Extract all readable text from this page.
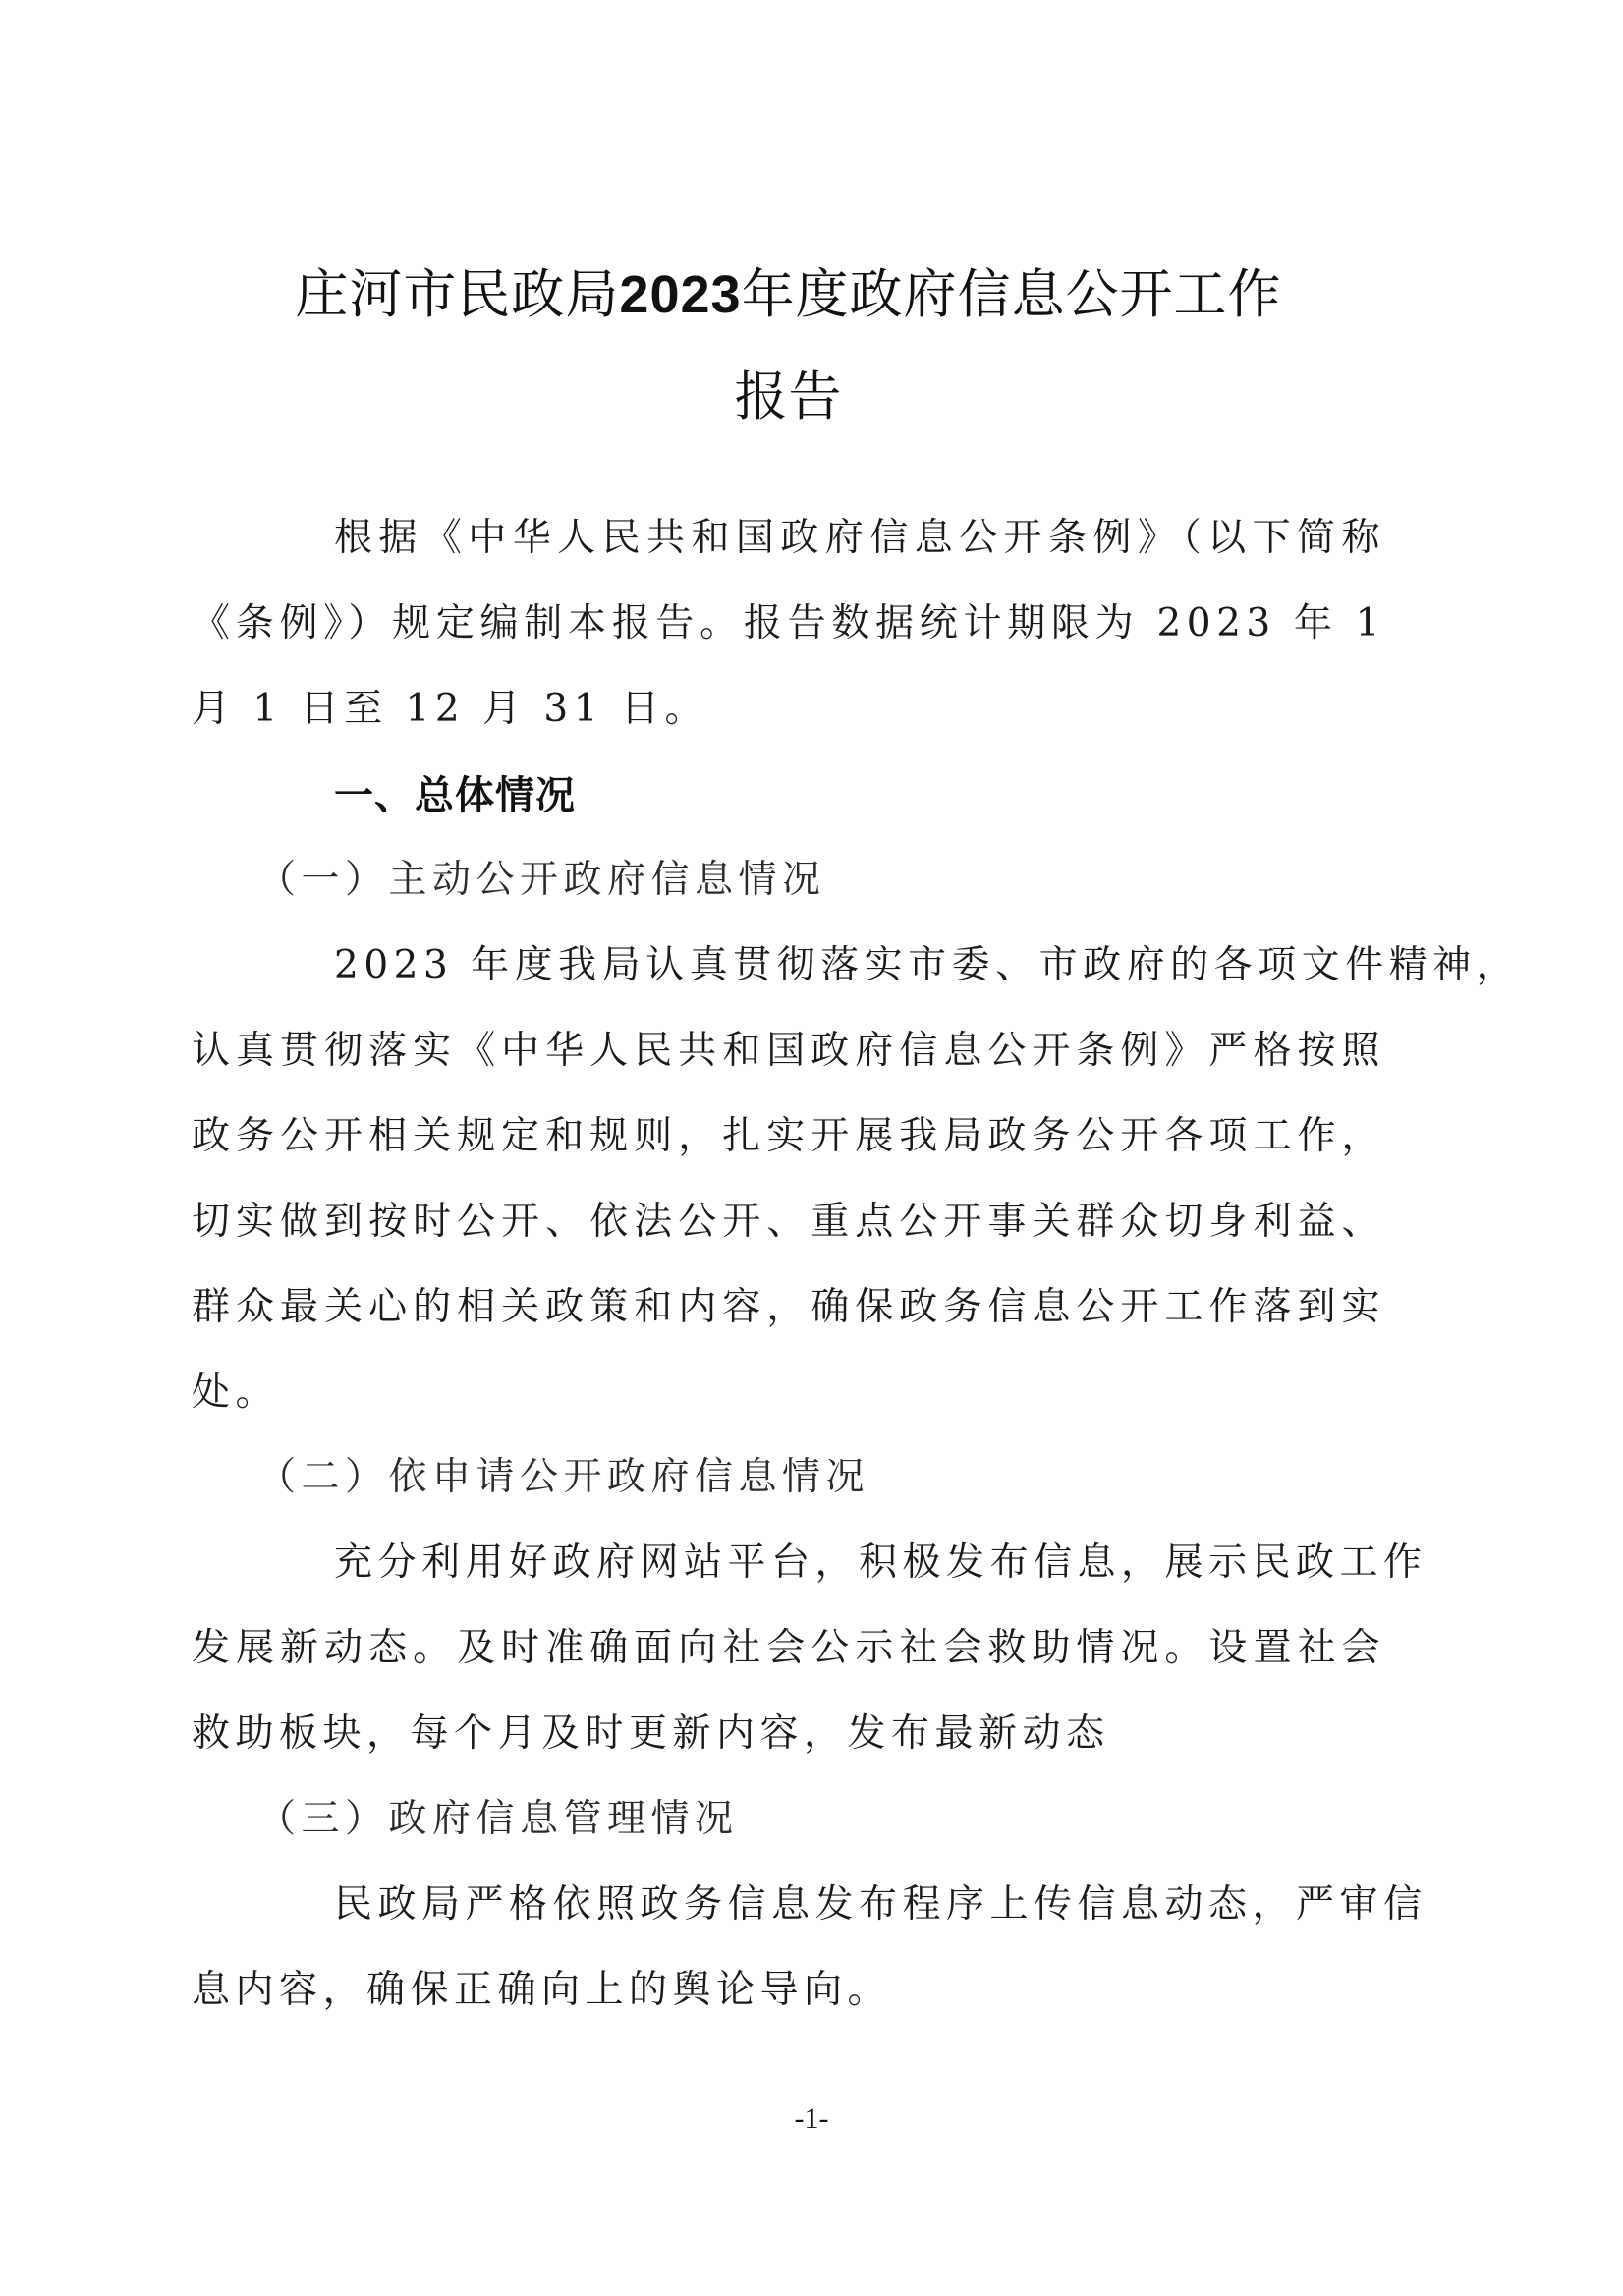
庄河市民政局2023年度政府信息公开工作
报告
根据《中华人民共和国政府信息公开条例》（以下简称
《条例》）规定编制本报告。报告数据统计期限为 2023 年 1
月 1 日至 12 月 31 日。
一、总体情况
（一）主动公开政府信息情况
2023 年度我局认真贯彻落实市委、市政府的各项文件精神，
认真贯彻落实《中华人民共和国政府信息公开条例》严格按照
政务公开相关规定和规则，扎实开展我局政务公开各项工作，
切实做到按时公开、依法公开、重点公开事关群众切身利益、
群众最关心的相关政策和内容，确保政务信息公开工作落到实
处。
（二）依申请公开政府信息情况
充分利用好政府网站平台，积极发布信息，展示民政工作
发展新动态。及时准确面向社会公示社会救助情况。设置社会
救助板块，每个月及时更新内容，发布最新动态
（三）政府信息管理情况
民政局严格依照政务信息发布程序上传信息动态，严审信
息内容，确保正确向上的舆论导向。
-1-
